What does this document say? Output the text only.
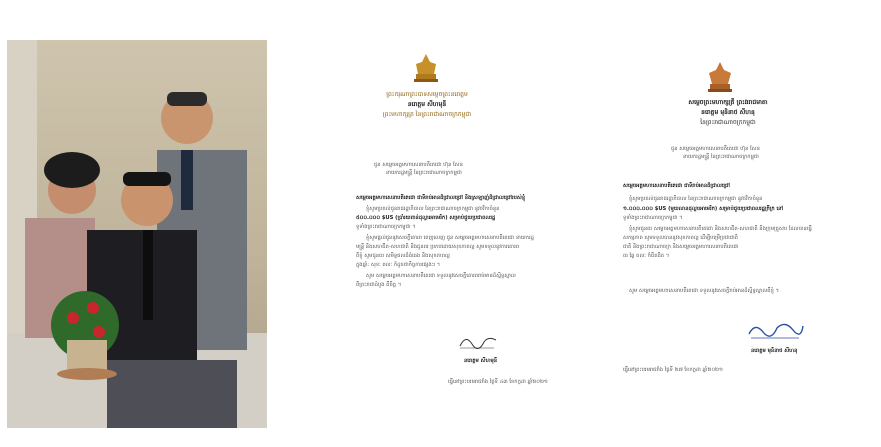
ព្រះករុណាព្រះបាទសម្តេចព្រះនរោត្តម
នរោត្តម សីហមុនី
ព្រះមហាក្សត្រ នៃព្រះរាជាណាចក្រកម្ពុជា
ជូន សម្តេចអគ្គមហាសេនាបតីតេជោ ហ៊ុន សែន
នាយករដ្ឋមន្ត្រី នៃព្រះរាជាណាចក្រកម្ពុជា
សម្តេចអគ្គមហាសេនាបតីតេជោ ជាទីរាប់អានដ៏ជ្រាលជ្រៅ និងស្រឡាញ់ដ៏ជ្រាលជ្រៅរបស់ខ្ញុំ
ខ្ញុំសូមប្រគល់ជូនរាជរដ្ឋាភិបាល នៃព្រះរាជាណាចក្រកម្ពុជា នូវថវិកាចំនួន
៥០០.០០០ $US (ប្រាំរយពាន់ដុល្លារអាមេរិក) សម្រាប់ជួយប្រជាពលរដ្ឋ
ទូទាំងព្រះរាជាណាចក្រកម្ពុជា ។
ខ្ញុំសូមផ្តល់ជូននូវសេចក្តីគោរព ពេញលេញ ជូន សម្តេចអគ្គមហាសេនាបតីតេជោ នាយករដ្ឋ
មន្ត្រី និងសហជីព-សហជាតិ និងជូនពរ ប្រកបដោយសុខភាពល្អ សូមទទួលនូវការគោរព
ពីខ្ញុំ សូមជូនពរ សមិទ្ធផលដ៏ធំធេង និងសុខភាពល្អ
ក្នុងឆ្នាំ: សុខៈ ពលៈ ក៏ដូចជាកិច្ចការផ្សេងៗ ។
សូម សម្តេចអគ្គមហាសេនាបតីតេជោ ទទួលនូវសេចក្តីគោរពរាប់អានដ៏ស្និទ្ធស្នាល
ពីព្រះរាជាដំបូង ពីចិត្ត ។
នរោត្តម សីហមុនី
ធ្វើនៅព្រះបរមរាជវាំង ថ្ងៃទី ៤៣ ខែកក្កដា ឆ្នាំ២០២១
សម្តេចព្រះមហាក្សត្រី ព្រះវររាជមាតា
នរោត្តម មុនិនាថ សីហនុ
នៃព្រះរាជាណាចក្រកម្ពុជា
ជូន សម្តេចអគ្គមហាសេនាបតីតេជោ ហ៊ុន សែន
នាយករដ្ឋមន្ត្រី នៃព្រះរាជាណាចក្រកម្ពុជា
សម្តេចអគ្គមហាសេនាបតីតេជោ ជាទីរាប់អានដ៏ជ្រាលជ្រៅ
ខ្ញុំសូមប្រគល់ជូនរាជរដ្ឋាភិបាល នៃព្រះរាជាណាចក្រកម្ពុជា នូវថវិកាចំនួន
១.០០០.០០០ $US (មួយលានដុល្លារអាមេរិក) សម្រាប់ជួយប្រជាពលរដ្ឋក្រីក្រ នៅ
ទូទាំងព្រះរាជាណាចក្រកម្ពុជា ។
ខ្ញុំសូមជូនពរ សម្តេចអគ្គមហាសេនាបតីតេជោ និងសហជីព-សហជាតិ និងក្រុមគ្រួសារ ដែលបានធ្វើ
សកម្មភាព សូមទទួលបាននូវសុខភាពល្អ ដើម្បីបម្រើប្រជាជាតិ
ជាតិ និងព្រះរាជាណាចក្រ និងសម្តេចអគ្គមហាសេនាបតីតេជោ
ពរ ឆ្លៃ ពលៈ ក៏ជិតជិត ។
សូម សម្តេចអគ្គមហាសេនាបតីតេជោ ទទួលនូវសេចក្តីរាប់អានដ៏ស្និទ្ធស្នាលពីខ្ញុំ ។
នរោត្តម មុនិនាថ សីហនុ
ធ្វើនៅព្រះបរមរាជវាំង ថ្ងៃទី ២៧ ខែកក្កដា ឆ្នាំ២០២១
